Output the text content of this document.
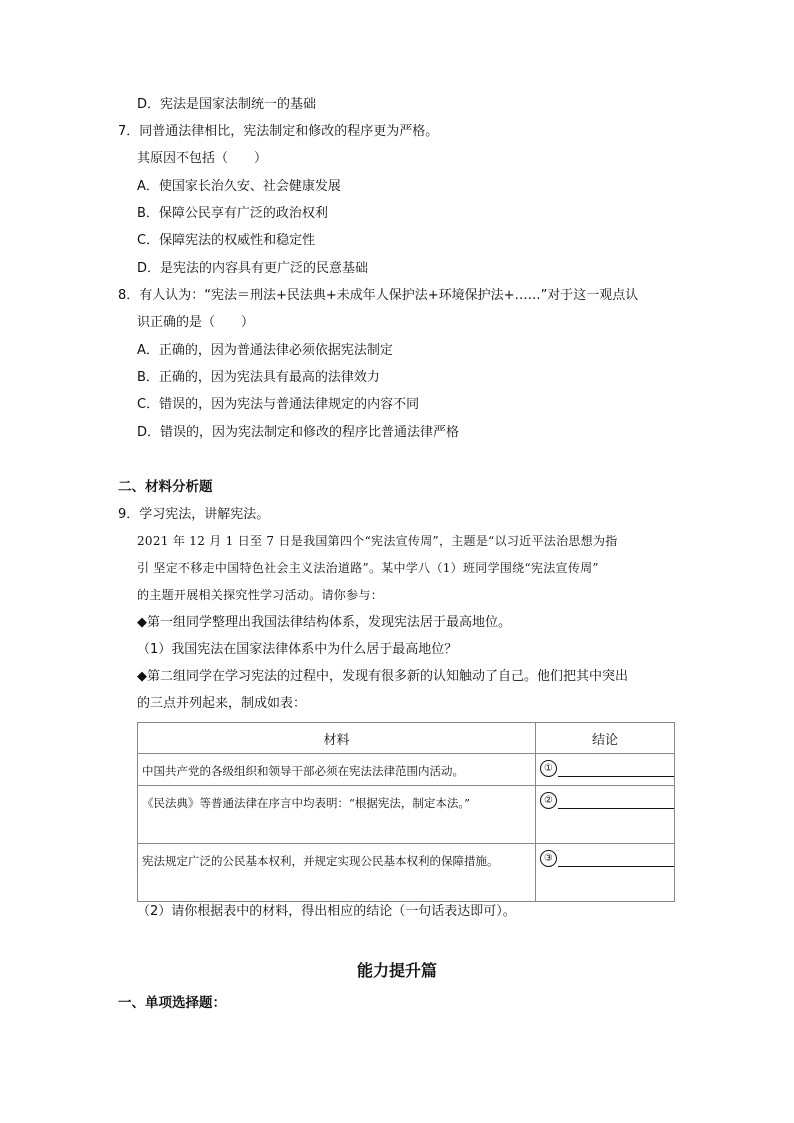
D．宪法是国家法制统一的基础
7．同普通法律相比，宪法制定和修改的程序更为严格。
其原因不包括（　　）
A．使国家长治久安、社会健康发展
B．保障公民享有广泛的政治权利
C．保障宪法的权威性和稳定性
D．是宪法的内容具有更广泛的民意基础
8．有人认为：“宪法＝刑法+民法典+未成年人保护法+环境保护法+……”对于这一观点认
识正确的是（　　）
A．正确的，因为普通法律必须依据宪法制定
B．正确的，因为宪法具有最高的法律效力
C．错误的，因为宪法与普通法律规定的内容不同
D．错误的，因为宪法制定和修改的程序比普通法律严格
二、材料分析题
9．学习宪法，讲解宪法。
2021 年 12 月 1 日至 7 日是我国第四个“宪法宣传周”，主题是“以习近平法治思想为指
引 坚定不移走中国特色社会主义法治道路”。某中学八（1）班同学围绕“宪法宣传周”
的主题开展相关探究性学习活动。请你参与：
◆第一组同学整理出我国法律结构体系，发现宪法居于最高地位。
（1）我国宪法在国家法律体系中为什么居于最高地位？
◆第二组同学在学习宪法的过程中，发现有很多新的认知触动了自己。他们把其中突出
的三点并列起来，制成如表：
材料	结论

中国共产党的各级组织和领导干部必须在宪法法律范围内活动。	①

《民法典》等普通法律在序言中均表明：“根据宪法，制定本法。”	②

宪法规定广泛的公民基本权利，并规定实现公民基本权利的保障措施。	③
（2）请你根据表中的材料，得出相应的结论（一句话表达即可）。
能力提升篇
一、单项选择题：
